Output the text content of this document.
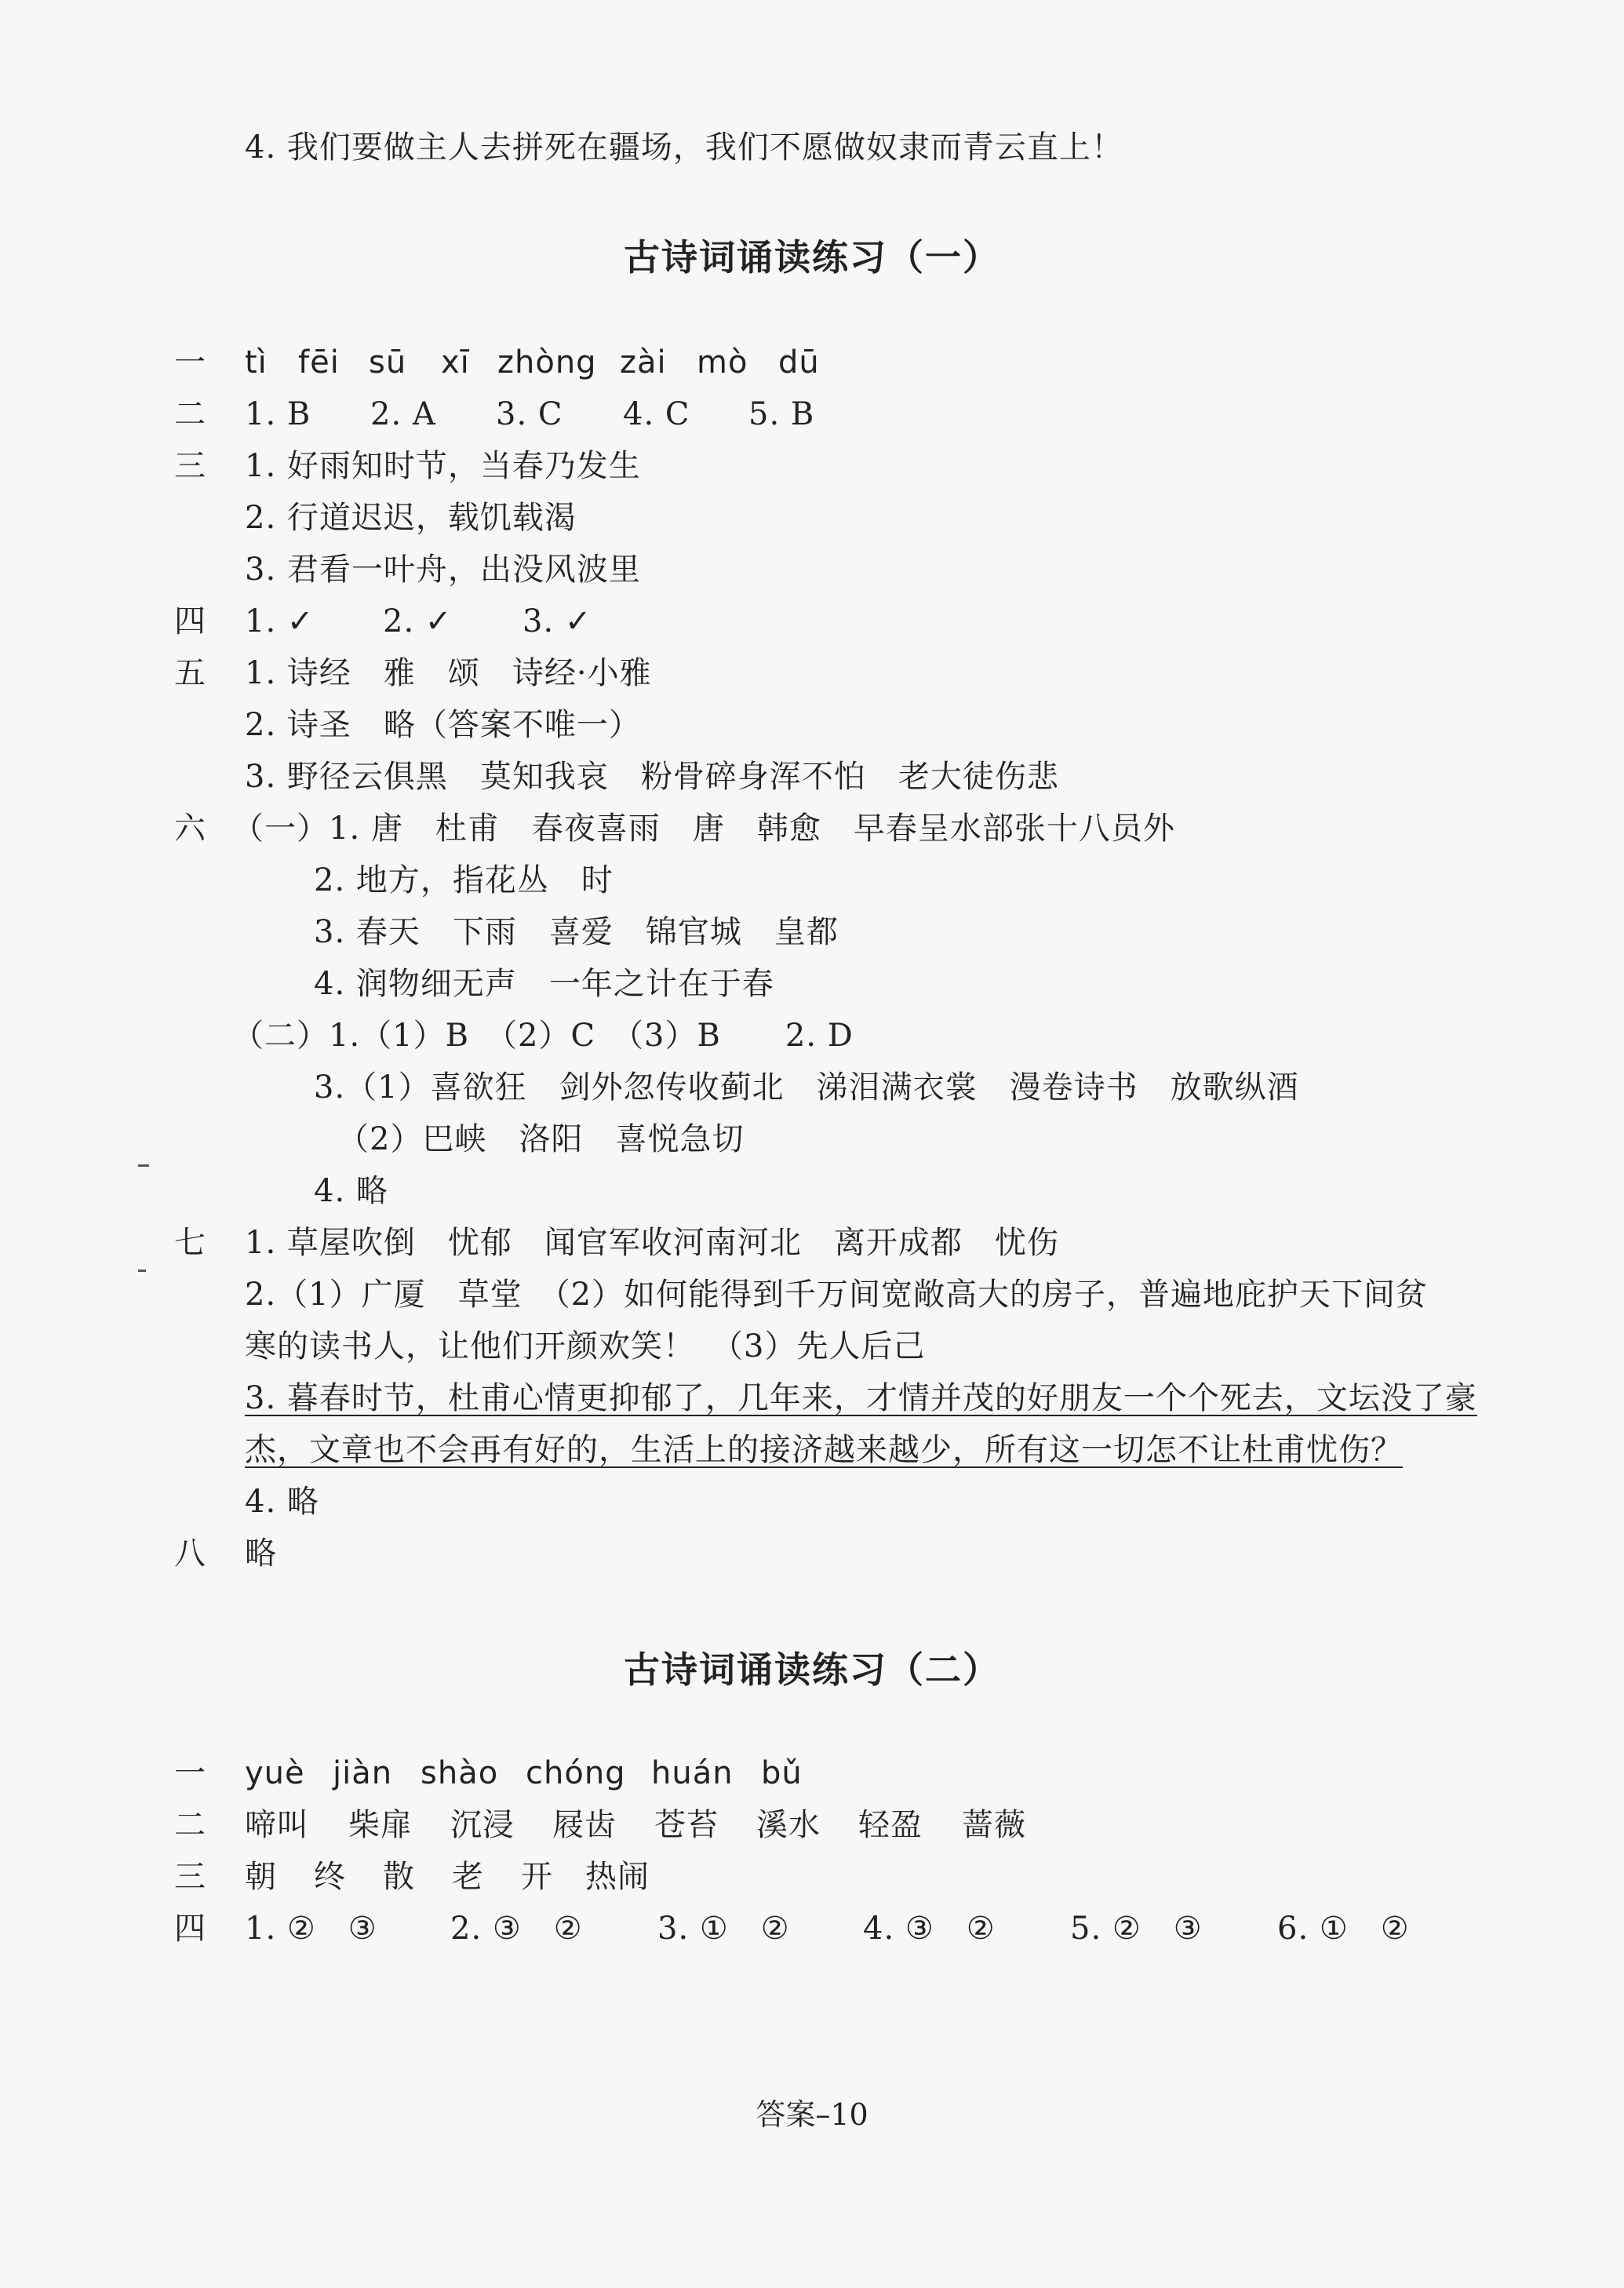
4. 我们要做主人去拼死在疆场，我们不愿做奴隶而青云直上！
古诗词诵读练习（一）
一 tì fēi sū xī zhòng zài mò dū
二 1. B 2. A 3. C 4. C 5. B
三 1. 好雨知时节，当春乃发生
2. 行道迟迟，载饥载渴
3. 君看一叶舟，出没风波里
四 1. ✓ 2. ✓ 3. ✓
五 1. 诗经　雅　颂　诗经·小雅
2. 诗圣　略（答案不唯一）
3. 野径云俱黑　莫知我哀　粉骨碎身浑不怕　老大徒伤悲
六 （一）1. 唐　杜甫　春夜喜雨　唐　韩愈　早春呈水部张十八员外
2. 地方，指花丛　时
3. 春天　下雨　喜爱　锦官城　皇都
4. 润物细无声　一年之计在于春
（二）1.（1）B　（2）C　（3）B　　2. D
3.（1）喜欲狂　剑外忽传收蓟北　涕泪满衣裳　漫卷诗书　放歌纵酒
（2）巴峡　洛阳　喜悦急切
4. 略
七 1. 草屋吹倒　忧郁　闻官军收河南河北　离开成都　忧伤
2.（1）广厦　草堂　（2）如何能得到千万间宽敞高大的房子，普遍地庇护天下间贫
寒的读书人，让他们开颜欢笑！　（3）先人后己
3. 暮春时节，杜甫心情更抑郁了，几年来，才情并茂的好朋友一个个死去，文坛没了豪
杰，文章也不会再有好的，生活上的接济越来越少，所有这一切怎不让杜甫忧伤？
4. 略
八 略
古诗词诵读练习（二）
一 yuè jiàn shào chóng huán bǔ
二 啼叫 柴扉 沉浸 屐齿 苍苔 溪水 轻盈 蔷薇
三 朝 终 散 老 开 热闹
四 1. ②　③ 2. ③　② 3. ①　② 4. ③　② 5. ②　③ 6. ①　②
答案–10
